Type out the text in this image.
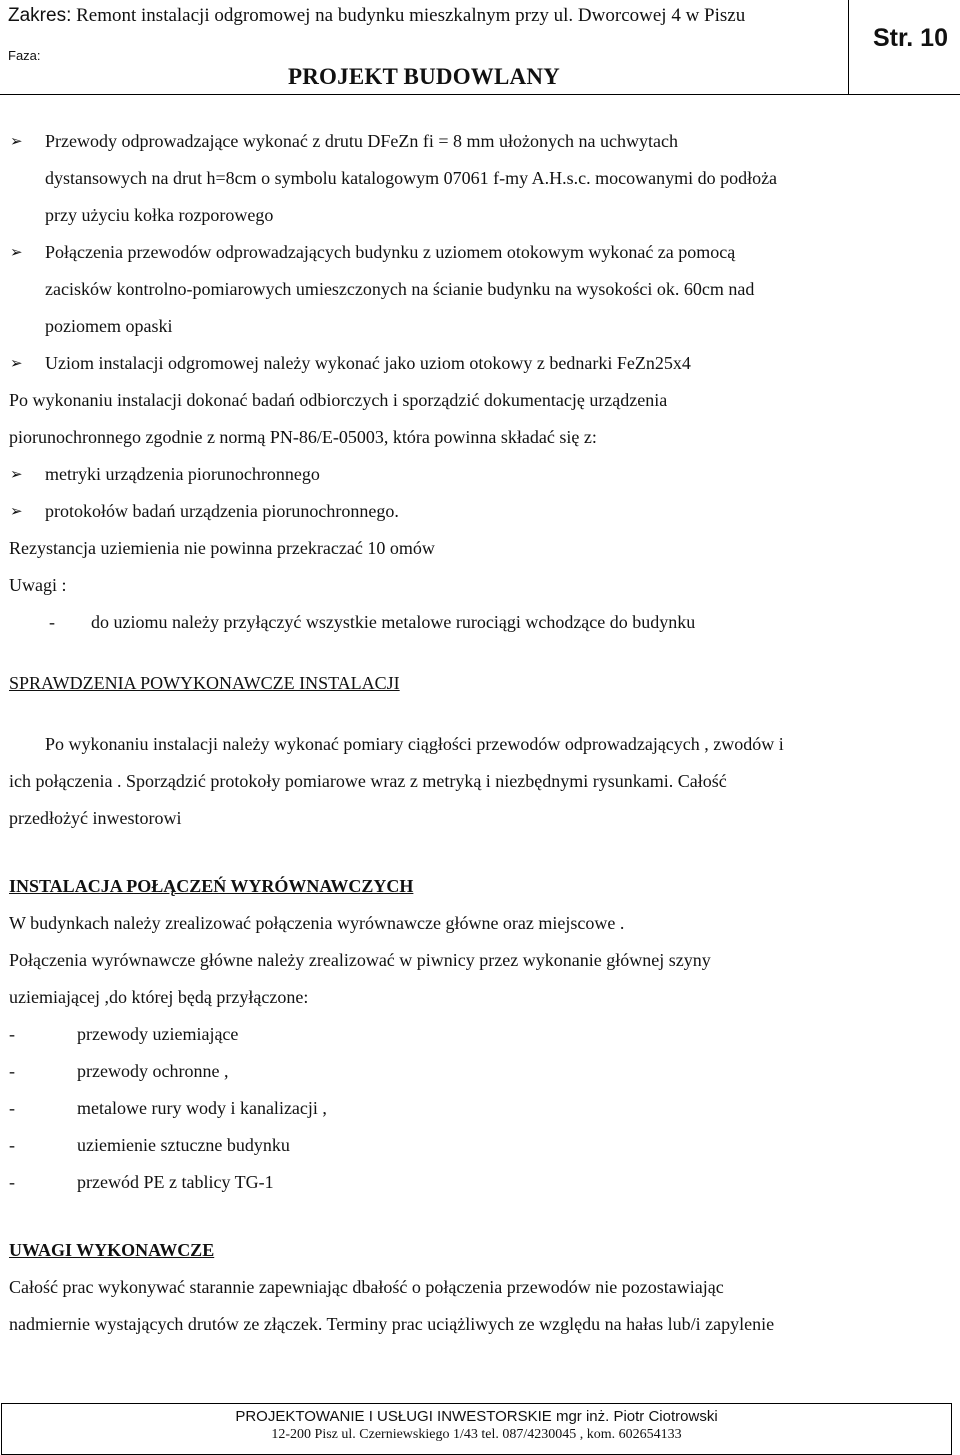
Zakres: Remont instalacji odgromowej na budynku mieszkalnym przy ul. Dworcowej 4 w Piszu
Faza:
PROJEKT BUDOWLANY
Str. 10
➢ Przewody odprowadzające wykonać z drutu DFeZn fi = 8 mm ułożonych na uchwytach
dystansowych na drut h=8cm o symbolu katalogowym 07061 f-my A.H.s.c. mocowanymi do podłoża
przy użyciu kołka rozporowego
➢ Połączenia przewodów odprowadzających budynku z uziomem otokowym wykonać za pomocą
zacisków kontrolno-pomiarowych umieszczonych na ścianie budynku na wysokości ok. 60cm nad
poziomem opaski
➢ Uziom instalacji odgromowej należy wykonać jako uziom otokowy z bednarki FeZn25x4
Po wykonaniu instalacji dokonać badań odbiorczych i sporządzić dokumentację urządzenia
piorunochronnego zgodnie z normą PN-86/E-05003, która powinna składać się z:
➢ metryki urządzenia piorunochronnego
➢ protokołów badań urządzenia piorunochronnego.
Rezystancja uziemienia nie powinna przekraczać 10 omów
Uwagi :
- do uziomu należy przyłączyć wszystkie metalowe rurociągi wchodzące do budynku
SPRAWDZENIA POWYKONAWCZE INSTALACJI
Po wykonaniu instalacji należy wykonać pomiary ciągłości przewodów odprowadzających , zwodów i
ich połączenia . Sporządzić protokoły pomiarowe wraz z metryką i niezbędnymi rysunkami. Całość
przedłożyć inwestorowi
INSTALACJA POŁĄCZEŃ WYRÓWNAWCZYCH
W budynkach należy zrealizować połączenia wyrównawcze główne oraz miejscowe .
Połączenia wyrównawcze główne należy zrealizować w piwnicy przez wykonanie głównej szyny
uziemiającej ,do której będą przyłączone:
-	przewody uziemiające
-	przewody ochronne ,
-	metalowe rury wody i kanalizacji ,
-	uziemienie sztuczne budynku
-	przewód PE z tablicy TG-1
UWAGI WYKONAWCZE
Całość prac wykonywać starannie zapewniając dbałość o połączenia przewodów nie pozostawiając
nadmiernie wystających drutów ze złączek. Terminy prac uciążliwych ze względu na hałas lub/i zapylenie
PROJEKTOWANIE I USŁUGI INWESTORSKIE mgr inż. Piotr Ciotrowski
12-200 Pisz ul. Czerniewskiego 1/43 tel. 087/4230045 , kom. 602654133
